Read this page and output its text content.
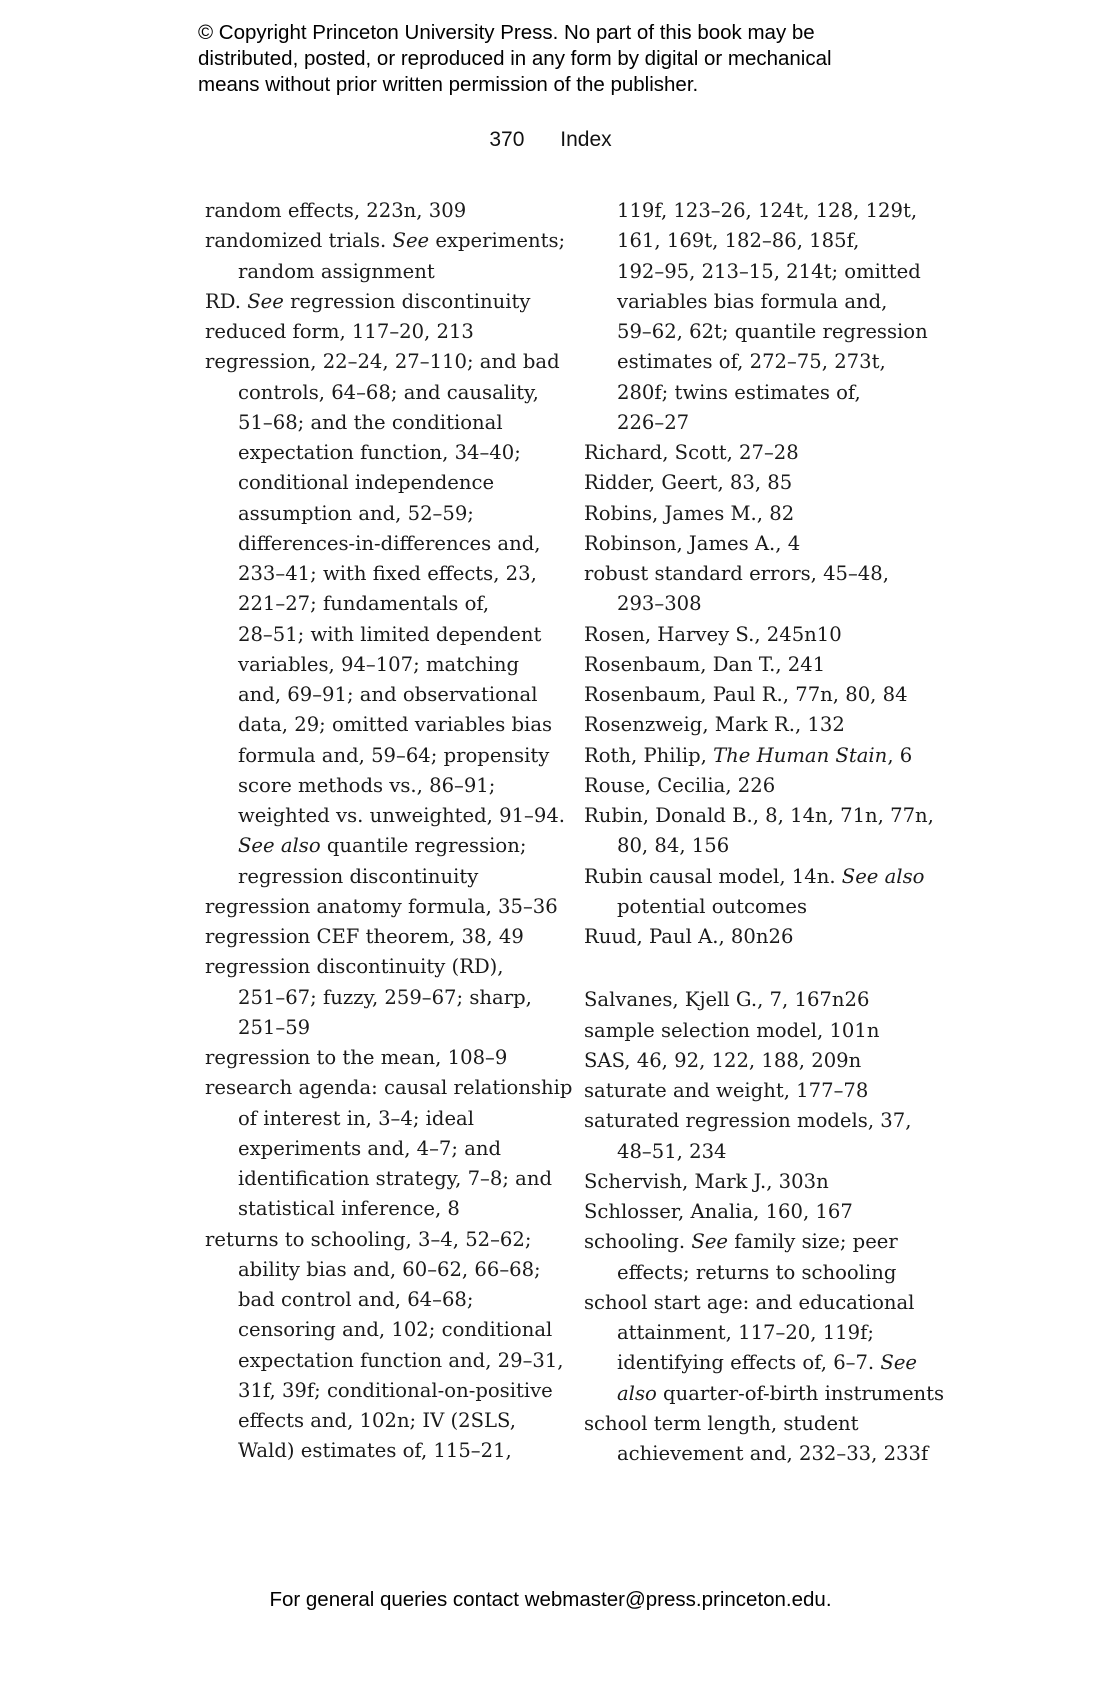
© Copyright Princeton University Press. No part of this book may be
distributed, posted, or reproduced in any form by digital or mechanical
means without prior written permission of the publisher.
370 Index
random effects, 223n, 309
randomized trials. See experiments;
random assignment
RD. See regression discontinuity
reduced form, 117–20, 213
regression, 22–24, 27–110; and bad
controls, 64–68; and causality,
51–68; and the conditional
expectation function, 34–40;
conditional independence
assumption and, 52–59;
differences-in-differences and,
233–41; with fixed effects, 23,
221–27; fundamentals of,
28–51; with limited dependent
variables, 94–107; matching
and, 69–91; and observational
data, 29; omitted variables bias
formula and, 59–64; propensity
score methods vs., 86–91;
weighted vs. unweighted, 91–94.
See also quantile regression;
regression discontinuity
regression anatomy formula, 35–36
regression CEF theorem, 38, 49
regression discontinuity (RD),
251–67; fuzzy, 259–67; sharp,
251–59
regression to the mean, 108–9
research agenda: causal relationship
of interest in, 3–4; ideal
experiments and, 4–7; and
identification strategy, 7–8; and
statistical inference, 8
returns to schooling, 3–4, 52–62;
ability bias and, 60–62, 66–68;
bad control and, 64–68;
censoring and, 102; conditional
expectation function and, 29–31,
31f, 39f; conditional-on-positive
effects and, 102n; IV (2SLS,
Wald) estimates of, 115–21,
119f, 123–26, 124t, 128, 129t,
161, 169t, 182–86, 185f,
192–95, 213–15, 214t; omitted
variables bias formula and,
59–62, 62t; quantile regression
estimates of, 272–75, 273t,
280f; twins estimates of,
226–27
Richard, Scott, 27–28
Ridder, Geert, 83, 85
Robins, James M., 82
Robinson, James A., 4
robust standard errors, 45–48,
293–308
Rosen, Harvey S., 245n10
Rosenbaum, Dan T., 241
Rosenbaum, Paul R., 77n, 80, 84
Rosenzweig, Mark R., 132
Roth, Philip, The Human Stain, 6
Rouse, Cecilia, 226
Rubin, Donald B., 8, 14n, 71n, 77n,
80, 84, 156
Rubin causal model, 14n. See also
potential outcomes
Ruud, Paul A., 80n26
Salvanes, Kjell G., 7, 167n26
sample selection model, 101n
SAS, 46, 92, 122, 188, 209n
saturate and weight, 177–78
saturated regression models, 37,
48–51, 234
Schervish, Mark J., 303n
Schlosser, Analia, 160, 167
schooling. See family size; peer
effects; returns to schooling
school start age: and educational
attainment, 117–20, 119f;
identifying effects of, 6–7. See
also quarter-of-birth instruments
school term length, student
achievement and, 232–33, 233f
For general queries contact webmaster@press.princeton.edu.
